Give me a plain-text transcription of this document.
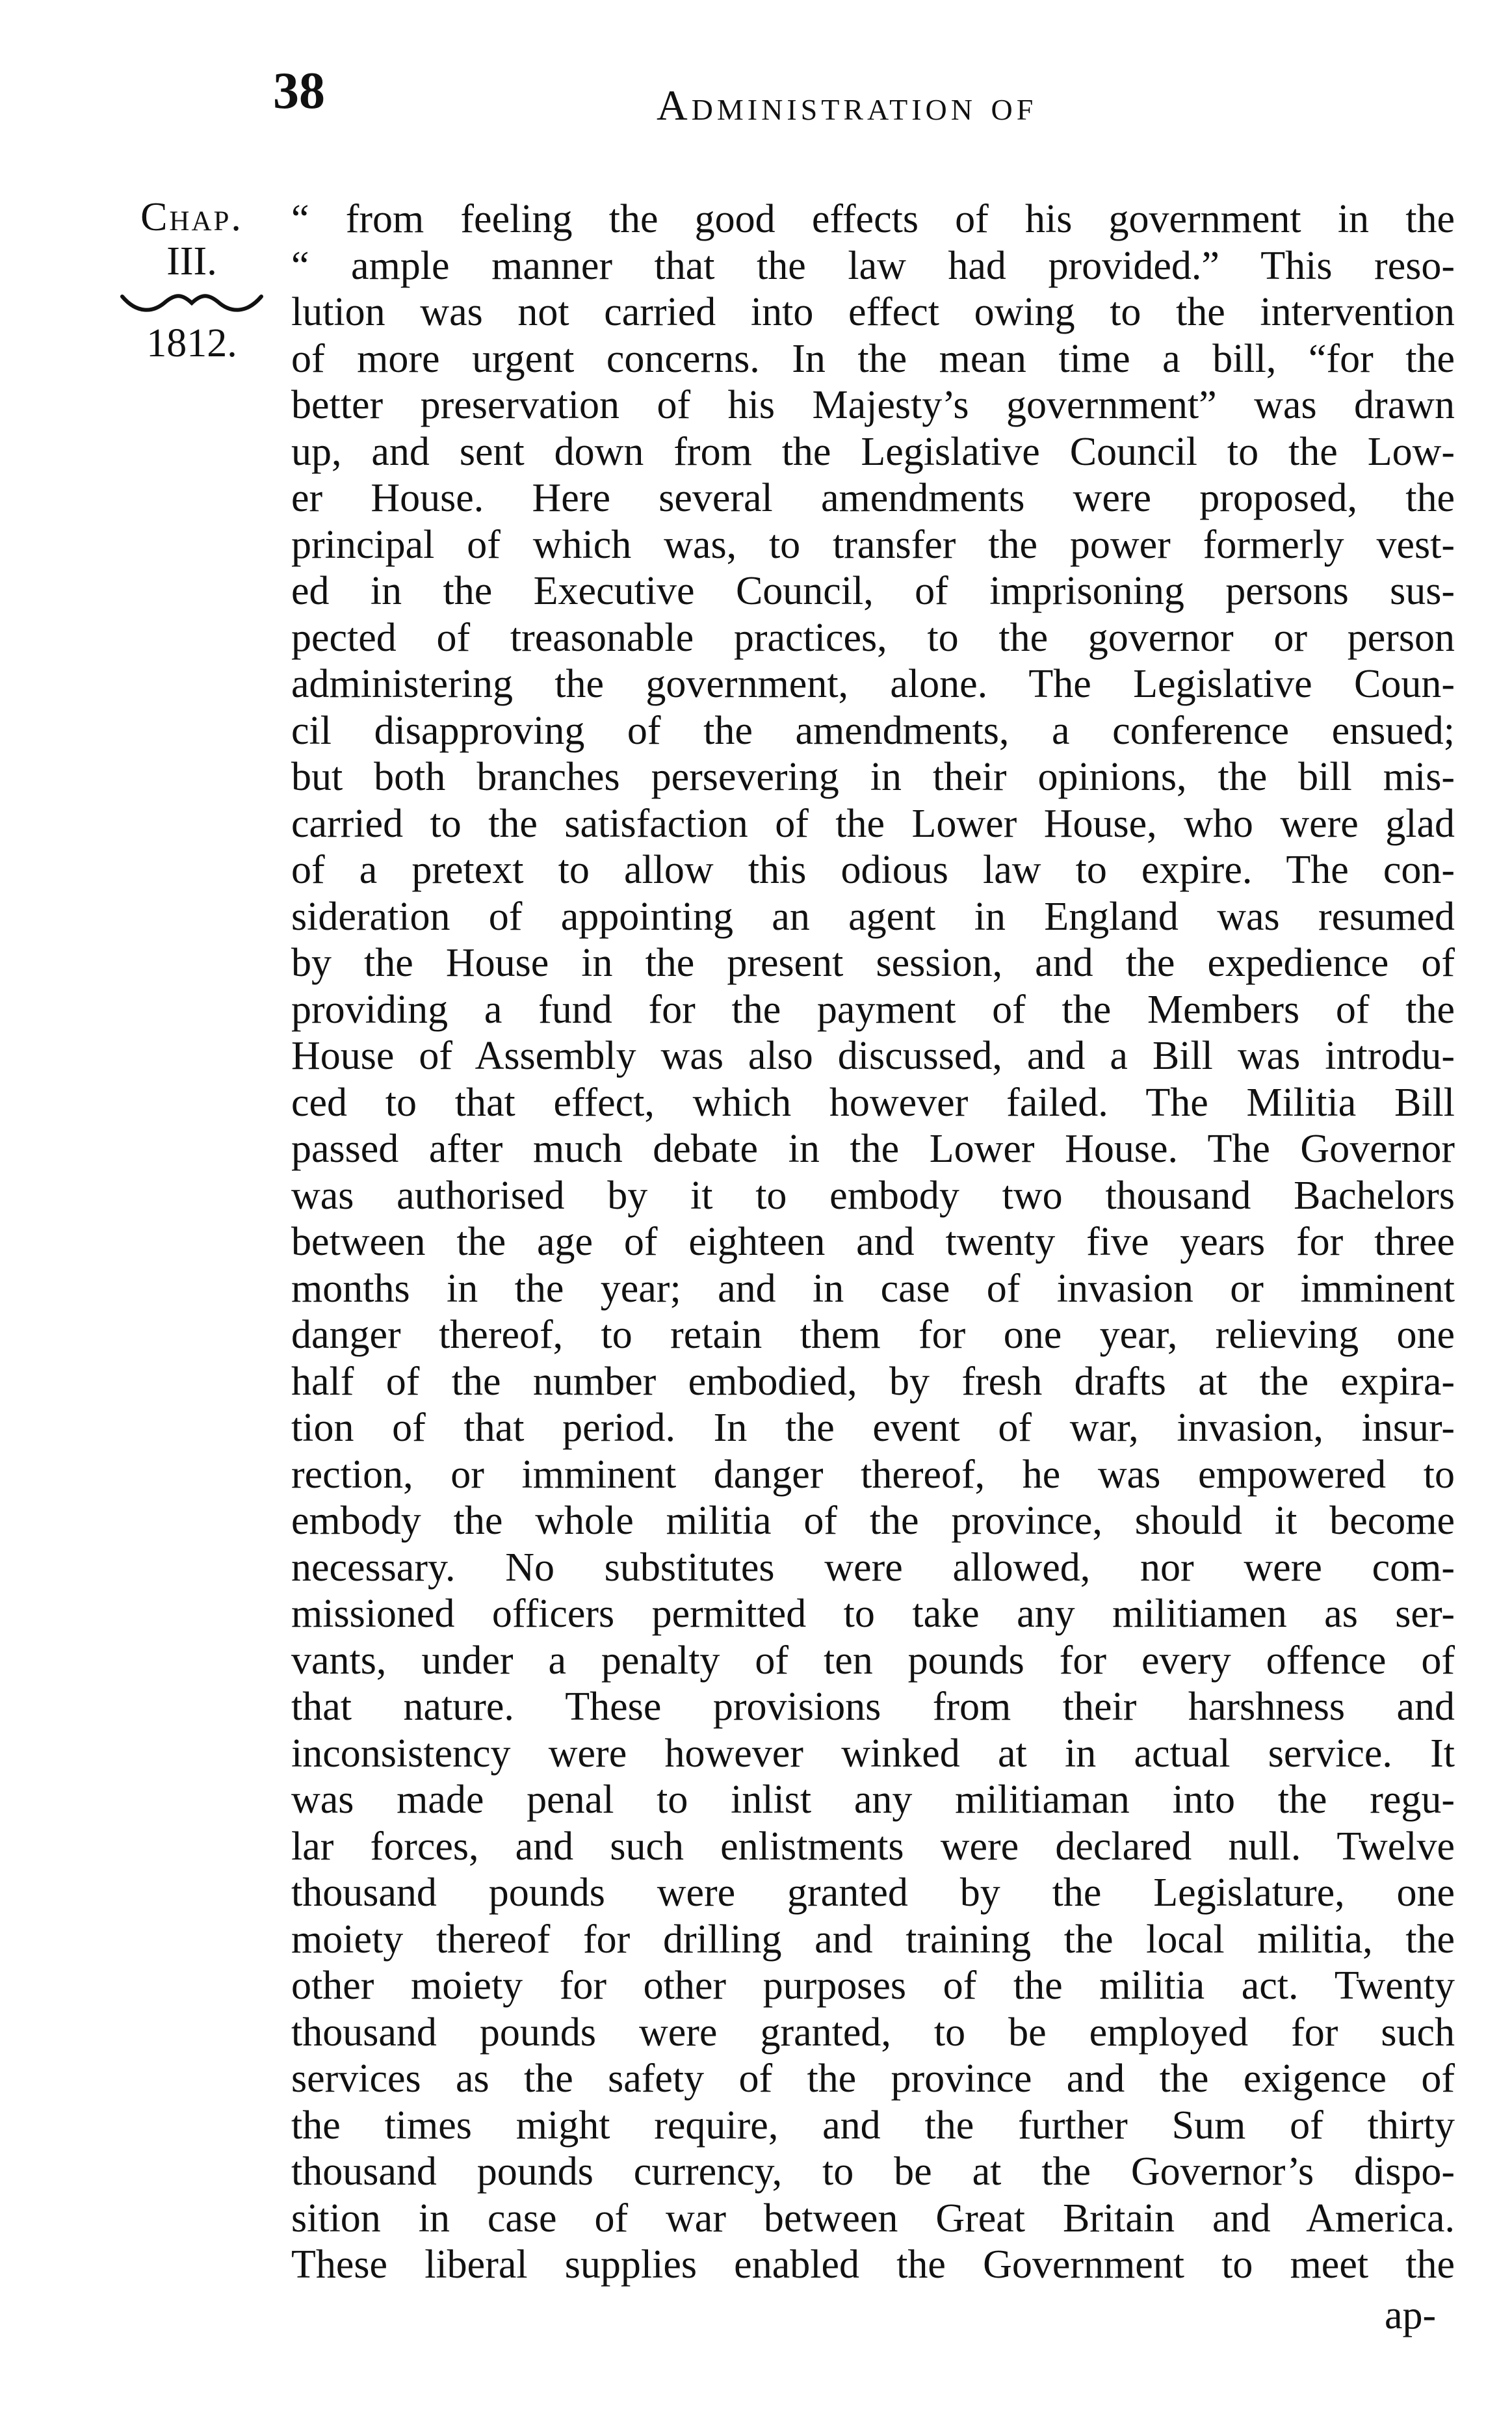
38	Administration of
Chap.
III.
1812.
“ from feeling the good effects of his government in the
“ ample manner that the law had provided.” This reso-
lution was not carried into effect owing to the intervention
of more urgent concerns. In the mean time a bill, “for the
better preservation of his Majesty’s government” was drawn
up, and sent down from the Legislative Council to the Low-
er House. Here several amendments were proposed, the
principal of which was, to transfer the power formerly vest-
ed in the Executive Council, of imprisoning persons sus-
pected of treasonable practices, to the governor or person
administering the government, alone. The Legislative Coun-
cil disapproving of the amendments, a conference ensued;
but both branches persevering in their opinions, the bill mis-
carried to the satisfaction of the Lower House, who were glad
of a pretext to allow this odious law to expire. The con-
sideration of appointing an agent in England was resumed
by the House in the present session, and the expedience of
providing a fund for the payment of the Members of the
House of Assembly was also discussed, and a Bill was introdu-
ced to that effect, which however failed. The Militia Bill
passed after much debate in the Lower House. The Governor
was authorised by it to embody two thousand Bachelors
between the age of eighteen and twenty five years for three
months in the year; and in case of invasion or imminent
danger thereof, to retain them for one year, relieving one
half of the number embodied, by fresh drafts at the expira-
tion of that period. In the event of war, invasion, insur-
rection, or imminent danger thereof, he was empowered to
embody the whole militia of the province, should it become
necessary. No substitutes were allowed, nor were com-
missioned officers permitted to take any militiamen as ser-
vants, under a penalty of ten pounds for every offence of
that nature. These provisions from their harshness and
inconsistency were however winked at in actual service. It
was made penal to inlist any militiaman into the regu-
lar forces, and such enlistments were declared null. Twelve
thousand pounds were granted by the Legislature, one
moiety thereof for drilling and training the local militia, the
other moiety for other purposes of the militia act. Twenty
thousand pounds were granted, to be employed for such
services as the safety of the province and the exigence of
the times might require, and the further Sum of thirty
thousand pounds currency, to be at the Governor’s dispo-
sition in case of war between Great Britain and America.
These liberal supplies enabled the Government to meet the
ap-
